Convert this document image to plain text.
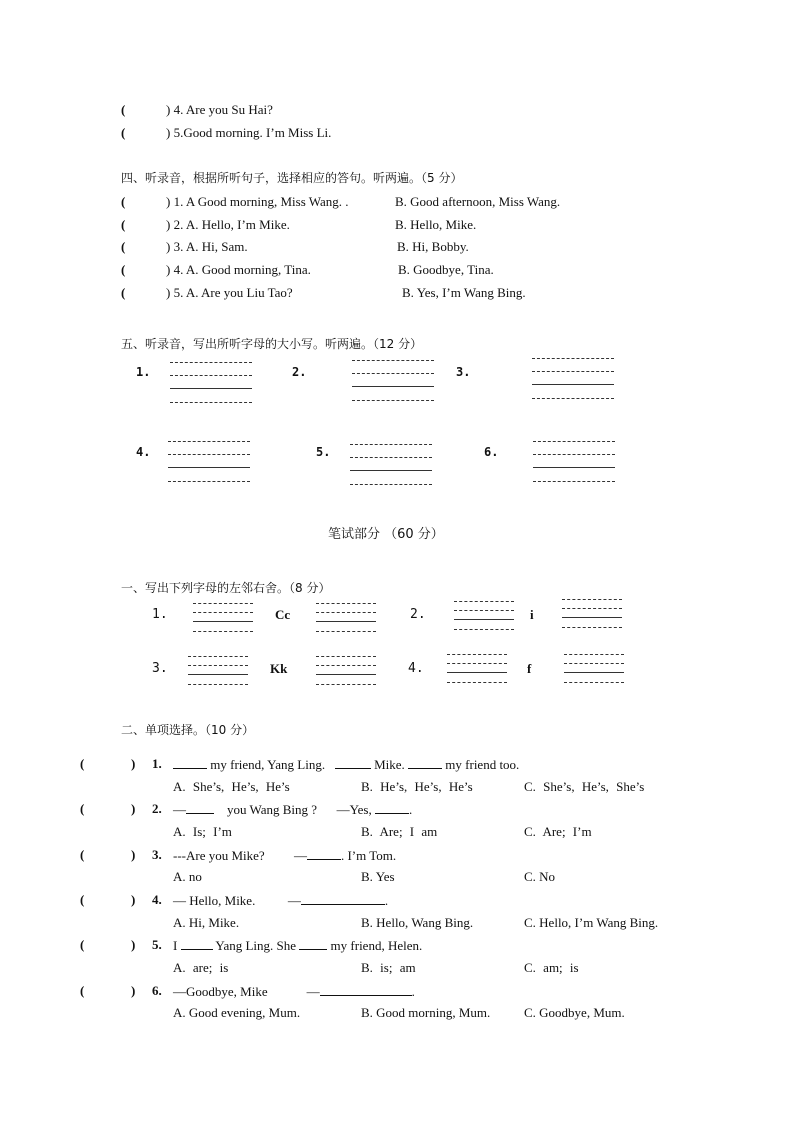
(	) 4. Are you Su Hai?
(	) 5.Good morning. I’m Miss Li.
四、听录音，根据所听句子，选择相应的答句。听两遍。（5 分）
(	) 1. A Good morning, Miss Wang. .	B. Good afternoon, Miss Wang.
(	) 2. A. Hello, I’m Mike.	B. Hello, Mike.
(	) 3. A. Hi, Sam.	B. Hi, Bobby.
(	) 4. A. Good morning, Tina.	B. Goodbye, Tina.
(	) 5. A. Are you Liu Tao?	B. Yes, I’m Wang Bing.
五、听录音，写出所听字母的大小写。听两遍。（12 分）
1.	2.	3.
4.	5.	6.
笔试部分 （60 分）
一、写出下列字母的左邻右舍。（8 分）
1.	Cc	2.	i
3.	Kk	4.	f
二、单项选择。（10 分）
(	) 1.	my friend, Yang Ling.	Mike.	my friend too.
A. She’s, He’s, He’s	B. He’s, He’s, He’s	C. She’s, He’s, She’s
(	) 2. —	you Wang Bing ? —Yes,	.
A. Is; I’m	B. Are; I am	C. Are; I’m
(	) 3. ---Are you Mike? —	. I’m Tom.
A. no	B. Yes	C. No
(	) 4. — Hello, Mike.	—	.
A. Hi, Mike.	B. Hello, Wang Bing.	C. Hello, I’m Wang Bing.
(	) 5. I	Yang Ling. She	my friend, Helen.
A. are; is	B. is; am	C. am; is
(	) 6. —Goodbye, Mike	—	.
A. Good evening, Mum.	B. Good morning, Mum.	C. Goodbye, Mum.
